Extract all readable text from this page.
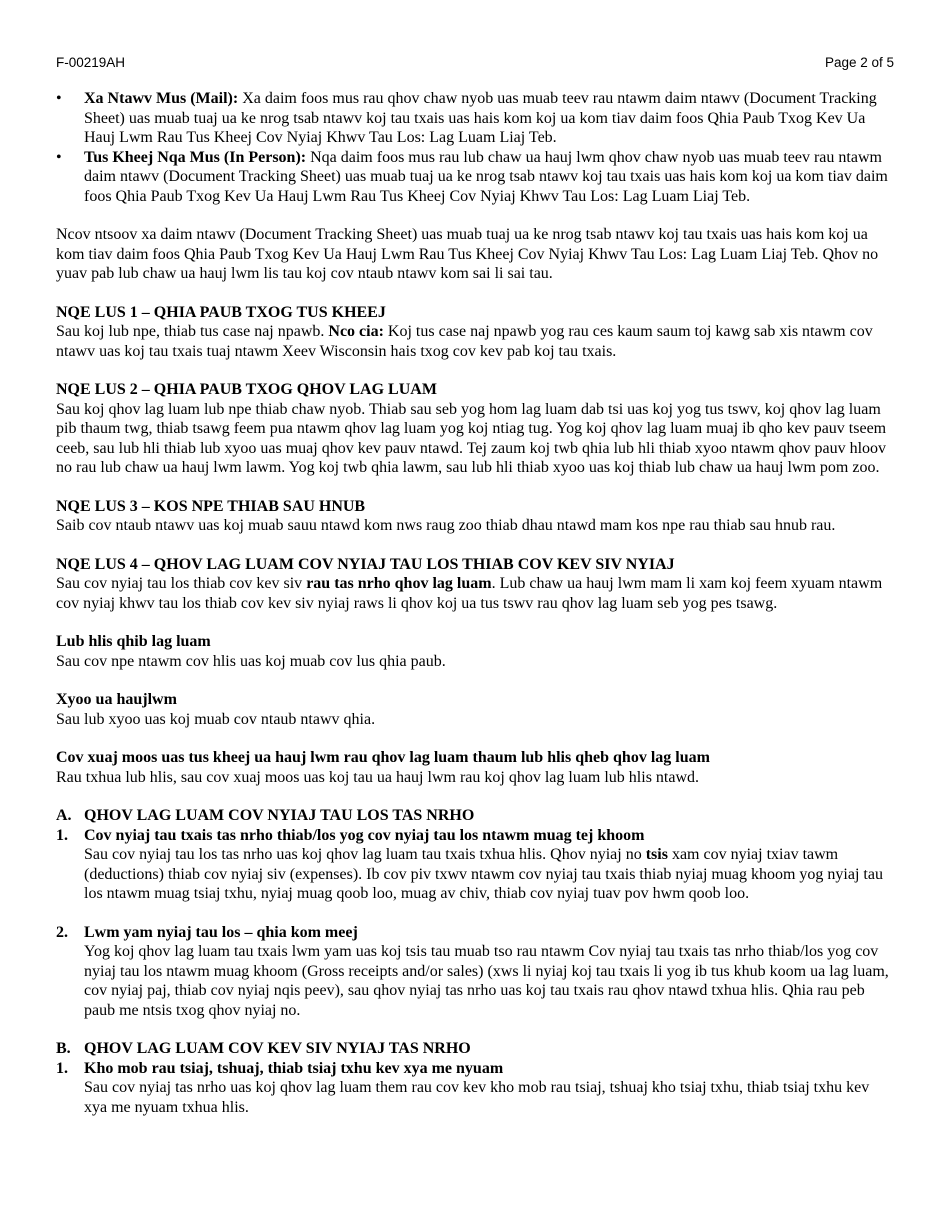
F-00219AH	Page 2 of 5
•	Xa Ntawv Mus (Mail): Xa daim foos mus rau qhov chaw nyob uas muab teev rau ntawm daim ntawv (Document Tracking Sheet) uas muab tuaj ua ke nrog tsab ntawv koj tau txais uas hais kom koj ua kom tiav daim foos Qhia Paub Txog Kev Ua Hauj Lwm Rau Tus Kheej Cov Nyiaj Khwv Tau Los: Lag Luam Liaj Teb.
•	Tus Kheej Nqa Mus (In Person): Nqa daim foos mus rau lub chaw ua hauj lwm qhov chaw nyob uas muab teev rau ntawm daim ntawv (Document Tracking Sheet) uas muab tuaj ua ke nrog tsab ntawv koj tau txais uas hais kom koj ua kom tiav daim foos Qhia Paub Txog Kev Ua Hauj Lwm Rau Tus Kheej Cov Nyiaj Khwv Tau Los: Lag Luam Liaj Teb.

Ncov ntsoov xa daim ntawv (Document Tracking Sheet) uas muab tuaj ua ke nrog tsab ntawv koj tau txais uas hais kom koj ua kom tiav daim foos Qhia Paub Txog Kev Ua Hauj Lwm Rau Tus Kheej Cov Nyiaj Khwv Tau Los: Lag Luam Liaj Teb. Qhov no yuav pab lub chaw ua hauj lwm lis tau koj cov ntaub ntawv kom sai li sai tau.

NQE LUS 1 – QHIA PAUB TXOG TUS KHEEJ

Sau koj lub npe, thiab tus case naj npawb. Nco cia: Koj tus case naj npawb yog rau ces kaum saum toj kawg sab xis ntawm cov ntawv uas koj tau txais tuaj ntawm Xeev Wisconsin hais txog cov kev pab koj tau txais.

NQE LUS 2 – QHIA PAUB TXOG QHOV LAG LUAM

Sau koj qhov lag luam lub npe thiab chaw nyob. Thiab sau seb yog hom lag luam dab tsi uas koj yog tus tswv, koj qhov lag luam pib thaum twg, thiab tsawg feem pua ntawm qhov lag luam yog koj ntiag tug. Yog koj qhov lag luam muaj ib qho kev pauv tseem ceeb, sau lub hli thiab lub xyoo uas muaj qhov kev pauv ntawd. Tej zaum koj twb qhia lub hli thiab xyoo ntawm qhov pauv hloov no rau lub chaw ua hauj lwm lawm. Yog koj twb qhia lawm, sau lub hli thiab xyoo uas koj thiab lub chaw ua hauj lwm pom zoo.

NQE LUS 3 – KOS NPE THIAB SAU HNUB

Saib cov ntaub ntawv uas koj muab sauu ntawd kom nws raug zoo thiab dhau ntawd mam kos npe rau thiab sau hnub rau.

NQE LUS 4 – QHOV LAG LUAM COV NYIAJ TAU LOS THIAB COV KEV SIV NYIAJ

Sau cov nyiaj tau los thiab cov kev siv rau tas nrho qhov lag luam. Lub chaw ua hauj lwm mam li xam koj feem xyuam ntawm cov nyiaj khwv tau los thiab cov kev siv nyiaj raws li qhov koj ua tus tswv rau qhov lag luam seb yog pes tsawg.

Lub hlis qhib lag luam

Sau cov npe ntawm cov hlis uas koj muab cov lus qhia paub.

Xyoo ua haujlwm

Sau lub xyoo uas koj muab cov ntaub ntawv qhia.

Cov xuaj moos uas tus kheej ua hauj lwm rau qhov lag luam thaum lub hlis qheb qhov lag luam

Rau txhua lub hlis, sau cov xuaj moos uas koj tau ua hauj lwm rau koj qhov lag luam lub hlis ntawd.

A. QHOV LAG LUAM COV NYIAJ TAU LOS TAS NRHO
1.	Cov nyiaj tau txais tas nrho thiab/los yog cov nyiaj tau los ntawm muag tej khoom
Sau cov nyiaj tau los tas nrho uas koj qhov lag luam tau txais txhua hlis. Qhov nyiaj no tsis xam cov nyiaj txiav tawm (deductions) thiab cov nyiaj siv (expenses). Ib cov piv txwv ntawm cov nyiaj tau txais thiab nyiaj muag khoom yog nyiaj tau los ntawm muag tsiaj txhu, nyiaj muag qoob loo, muag av chiv, thiab cov nyiaj tuav pov hwm qoob loo.
2.	Lwm yam nyiaj tau los – qhia kom meej
Yog koj qhov lag luam tau txais lwm yam uas koj tsis tau muab tso rau ntawm Cov nyiaj tau txais tas nrho thiab/los yog cov nyiaj tau los ntawm muag khoom (Gross receipts and/or sales) (xws li nyiaj koj tau txais li yog ib tus khub koom ua lag luam, cov nyiaj paj, thiab cov nyiaj nqis peev), sau qhov nyiaj tas nrho uas koj tau txais rau qhov ntawd txhua hlis. Qhia rau peb paub me ntsis txog qhov nyiaj no.
B. QHOV LAG LUAM COV KEV SIV NYIAJ TAS NRHO
1.	Kho mob rau tsiaj, tshuaj, thiab tsiaj txhu kev xya me nyuam
Sau cov nyiaj tas nrho uas koj qhov lag luam them rau cov kev kho mob rau tsiaj, tshuaj kho tsiaj txhu, thiab tsiaj txhu kev xya me nyuam txhua hlis.
